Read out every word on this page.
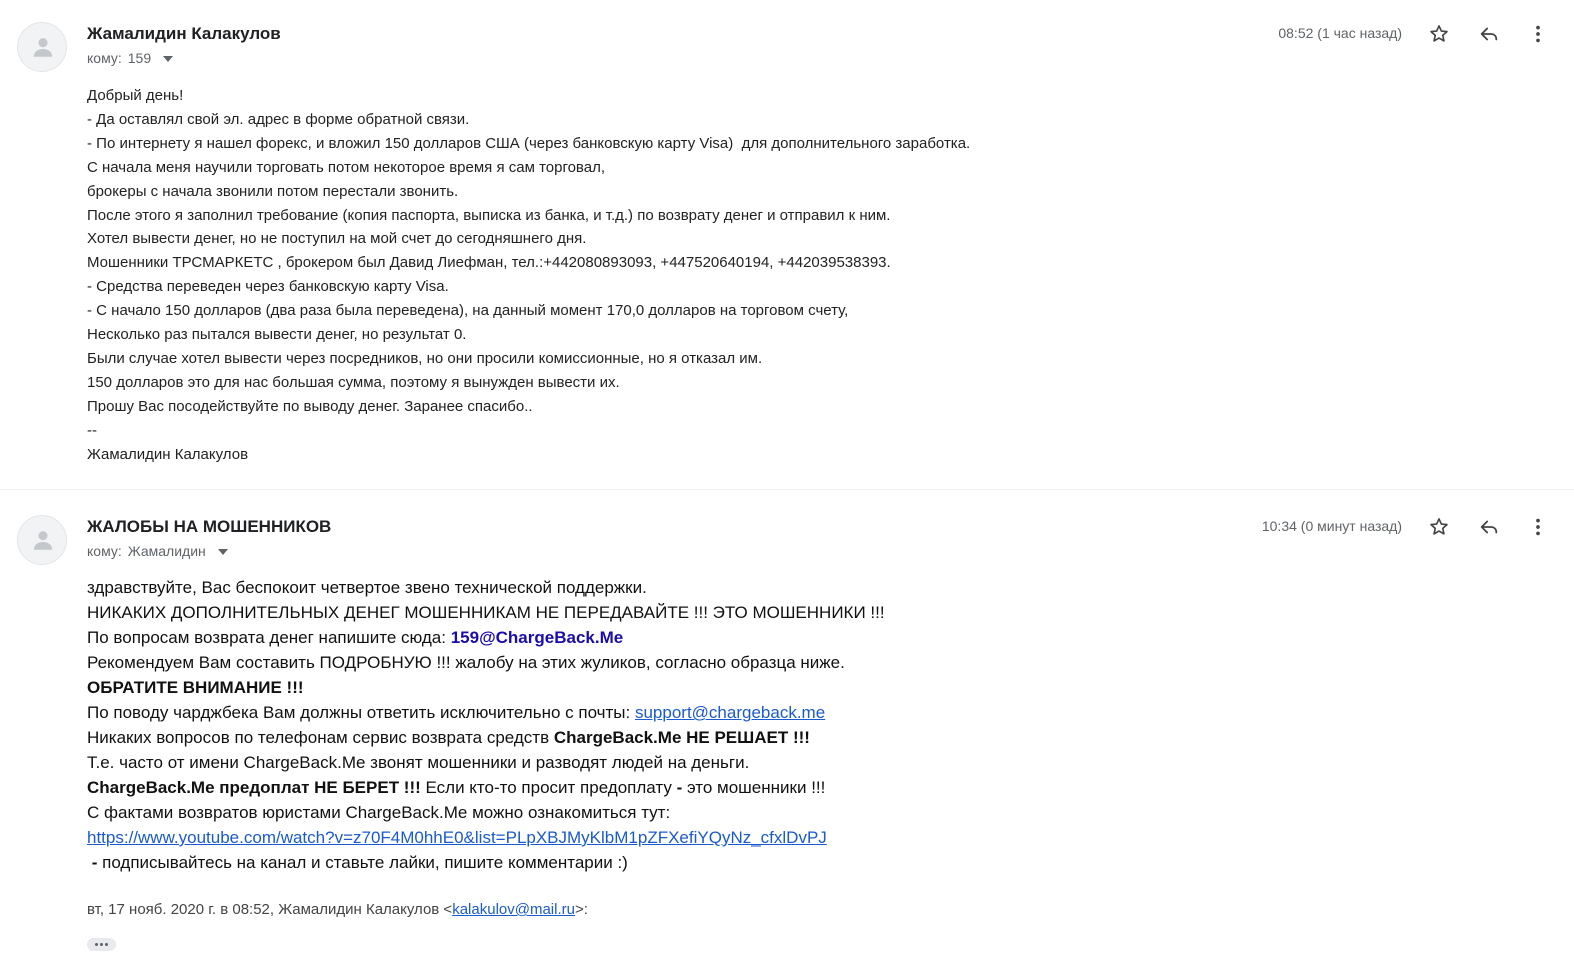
Жамалидин Калакулов
кому: 159
08:52 (1 час назад)
Добрый день!
- Да оставлял свой эл. адрес в форме обратной связи.
- По интернету я нашел форекс, и вложил 150 долларов США (через банковскую карту Visa)  для дополнительного заработка.
С начала меня научили торговать потом некоторое время я сам торговал,
брокеры с начала звонили потом перестали звонить.
После этого я заполнил требование (копия паспорта, выписка из банка, и т.д.) по возврату денег и отправил к ним.
Хотел вывести денег, но не поступил на мой счет до сегодняшнего дня.
Мошенники ТРСМАРКЕТС , брокером был Давид Лиефман, тел.:+442080893093, +447520640194, +442039538393.
- Средства переведен через банковскую карту Visa.
- С начало 150 долларов (два раза была переведена), на данный момент 170,0 долларов на торговом счету,
Несколько раз пытался вывести денег, но результат 0.
Были случае хотел вывести через посредников, но они просили комиссионные, но я отказал им.
150 долларов это для нас большая сумма, поэтому я вынужден вывести их.
Прошу Вас посодействуйте по выводу денег. Заранее спасибо..
--
Жамалидин Калакулов
ЖАЛОБЫ НА МОШЕННИКОВ
кому: Жамалидин
10:34 (0 минут назад)
здравствуйте, Вас беспокоит четвертое звено технической поддержки.
НИКАКИХ ДОПОЛНИТЕЛЬНЫХ ДЕНЕГ МОШЕННИКАМ НЕ ПЕРЕДАВАЙТЕ !!! ЭТО МОШЕННИКИ !!!
По вопросам возврата денег напишите сюда: 159@ChargeBack.Me
Рекомендуем Вам составить ПОДРОБНУЮ !!! жалобу на этих жуликов, согласно образца ниже.
ОБРАТИТЕ ВНИМАНИЕ !!!
По поводу чарджбека Вам должны ответить исключительно с почты: support@chargeback.me
Никаких вопросов по телефонам сервис возврата средств ChargeBack.Me НЕ РЕШАЕТ !!!
Т.е. часто от имени ChargeBack.Me звонят мошенники и разводят людей на деньги.
ChargeBack.Me предоплат НЕ БЕРЕТ !!! Если кто-то просит предоплату - это мошенники !!!
С фактами возвратов юристами ChargeBack.Me можно ознакомиться тут:
https://www.youtube.com/watch?v=z70F4M0hhE0&list=PLpXBJMyKlbM1pZFXefiYQyNz_cfxlDvPJ
- подписывайтесь на канал и ставьте лайки, пишите комментарии :)
вт, 17 нояб. 2020 г. в 08:52, Жамалидин Калакулов <kalakulov@mail.ru>:
